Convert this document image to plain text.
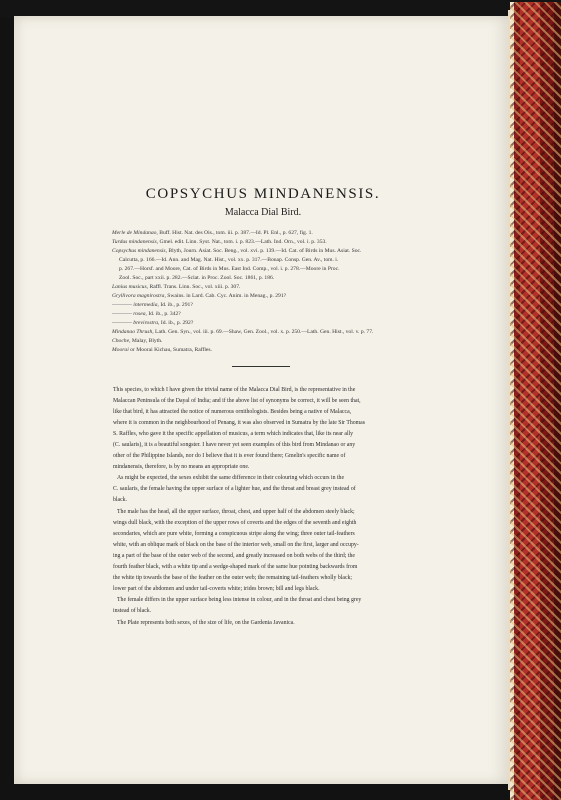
COPSYCHUS MINDANENSIS.
Malacca Dial Bird.
Merle de Mindanao, Buff. Hist. Nat. des Ois., tom. iii. p. 387.—Id. Pl. Enl., p. 627, fig. 1.
Turdus mindanensis, Gmel. edit. Linn. Syst. Nat., tom. i. p. 823.—Lath. Ind. Orn., vol. i. p. 353.
Copsychus mindanensis, Blyth, Journ. Asiat. Soc. Beng., vol. xvi. p. 139.—Id. Cat. of Birds in Mus. Asiat. Soc.
Calcutta, p. 166.—Id. Ann. and Mag. Nat. Hist., vol. xx. p. 317.—Bonap. Consp. Gen. Av., tom. i.
p. 267.—Horsf. and Moore, Cat. of Birds in Mus. East Ind. Comp., vol. i. p. 278.—Moore in Proc.
Zool. Soc., part xxii. p. 282.—Sclat. in Proc. Zool. Soc. 1861, p. 186.
Lanius musicus, Raffl. Trans. Linn. Soc., vol. xiii. p. 307.
Gryllivora magnirostra, Swains. in Lard. Cab. Cyc. Anim. in Menag., p. 291?
———— intermedia, Id. ib., p. 291?
———— rosea, Id. ib., p. 342?
———— brevirostra, Id. ib., p. 292?
Mindanao Thrush, Lath. Gen. Syn., vol. iii. p. 69.—Shaw, Gen. Zool., vol. x. p. 250.—Lath. Gen. Hist., vol. v. p. 77.
Choche, Malay, Blyth.
Moorai or Moorai Kichau, Sumatra, Raffles.
This species, to which I have given the trivial name of the Malacca Dial Bird, is the representative in the
Malaccan Peninsula of the Dayal of India; and if the above list of synonyms be correct, it will be seen that,
like that bird, it has attracted the notice of numerous ornithologists. Besides being a native of Malacca,
where it is common in the neighbourhood of Penang, it was also observed in Sumatra by the late Sir Thomas
S. Raffles, who gave it the specific appellation of musicus, a term which indicates that, like its near ally
(C. saularis), it is a beautiful songster. I have never yet seen examples of this bird from Mindanao or any
other of the Philippine Islands, nor do I believe that it is ever found there; Gmelin's specific name of
mindanensis, therefore, is by no means an appropriate one.
As might be expected, the sexes exhibit the same difference in their colouring which occurs in the
C. saularis, the female having the upper surface of a lighter hue, and the throat and breast grey instead of
black.
The male has the head, all the upper surface, throat, chest, and upper half of the abdomen steely black;
wings dull black, with the exception of the upper rows of coverts and the edges of the seventh and eighth
secondaries, which are pure white, forming a conspicuous stripe along the wing; three outer tail-feathers
white, with an oblique mark of black on the base of the interior web, small on the first, larger and occupy-
ing a part of the base of the outer web of the second, and greatly increased on both webs of the third; the
fourth feather black, with a white tip and a wedge-shaped mark of the same hue pointing backwards from
the white tip towards the base of the feather on the outer web; the remaining tail-feathers wholly black;
lower part of the abdomen and under tail-coverts white; irides brown; bill and legs black.
The female differs in the upper surface being less intense in colour, and in the throat and chest being grey
instead of black.
The Plate represents both sexes, of the size of life, on the Gardenia Javanica.
